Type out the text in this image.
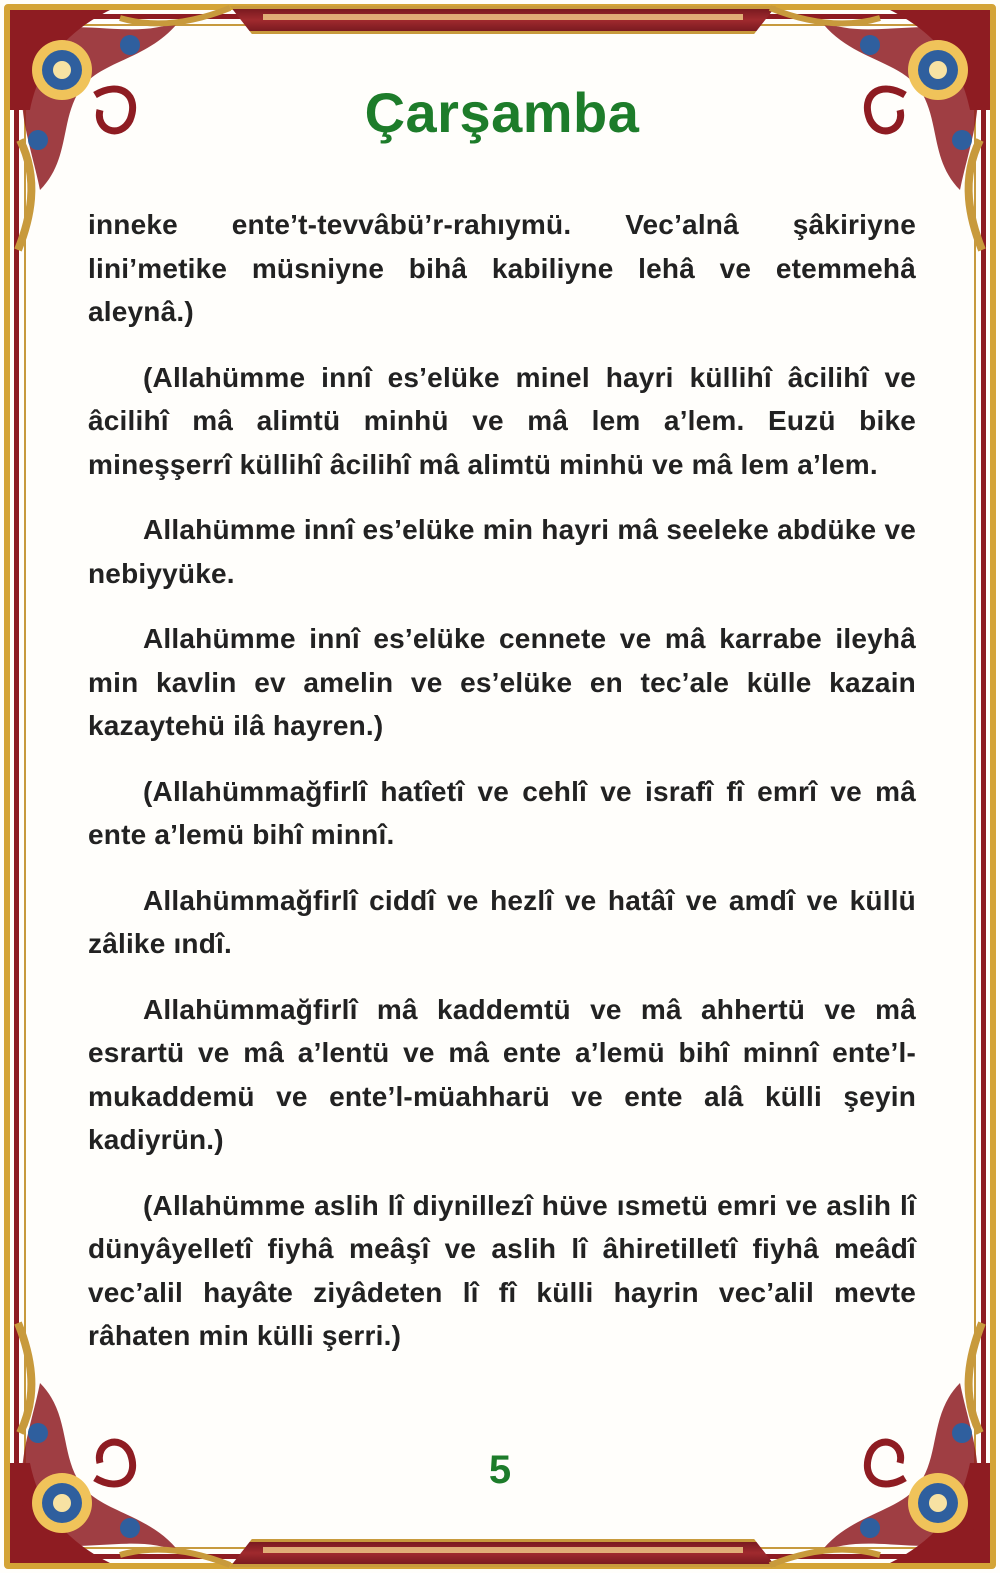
Çarşamba

inneke ente’t-tevvâbü’r-rahıymü. Vec’alnâ şâkiriyne lini’metike müsniyne bihâ kabiliyne lehâ ve etemmehâ aleynâ.)

(Allahümme innî es’elüke minel hayri küllihî âcilihî ve âcilihî mâ alimtü minhü ve mâ lem a’lem. Euzü bike mineşşerrî küllihî âcilihî mâ alimtü minhü ve mâ lem a’lem.

Allahümme innî es’elüke min hayri mâ seeleke abdüke ve nebiyyüke.

Allahümme innî es’elüke cennete ve mâ karrabe ileyhâ min kavlin ev amelin ve es’elüke en tec’ale külle kazain kazaytehü ilâ hayren.)

(Allahümmağfirlî hatîetî ve cehlî ve israfî fî emrî ve mâ ente a’lemü bihî minnî.

Allahümmağfirlî ciddî ve hezlî ve hatâî ve amdî ve küllü zâlike ındî.

Allahümmağfirlî mâ kaddemtü ve mâ ahhertü ve mâ esrartü ve mâ a’lentü ve mâ ente a’lemü bihî minnî ente’l-mukaddemü ve ente’l-müahharü ve ente alâ külli şeyin kadiyrün.)

(Allahümme aslih lî diynillezî hüve ısmetü emri ve aslih lî dünyâyelletî fiyhâ meâşî ve aslih lî âhiretilletî fiyhâ meâdî vec’alil hayâte ziyâdeten lî fî külli hayrin vec’alil mevte râhaten min külli şerri.)

5
